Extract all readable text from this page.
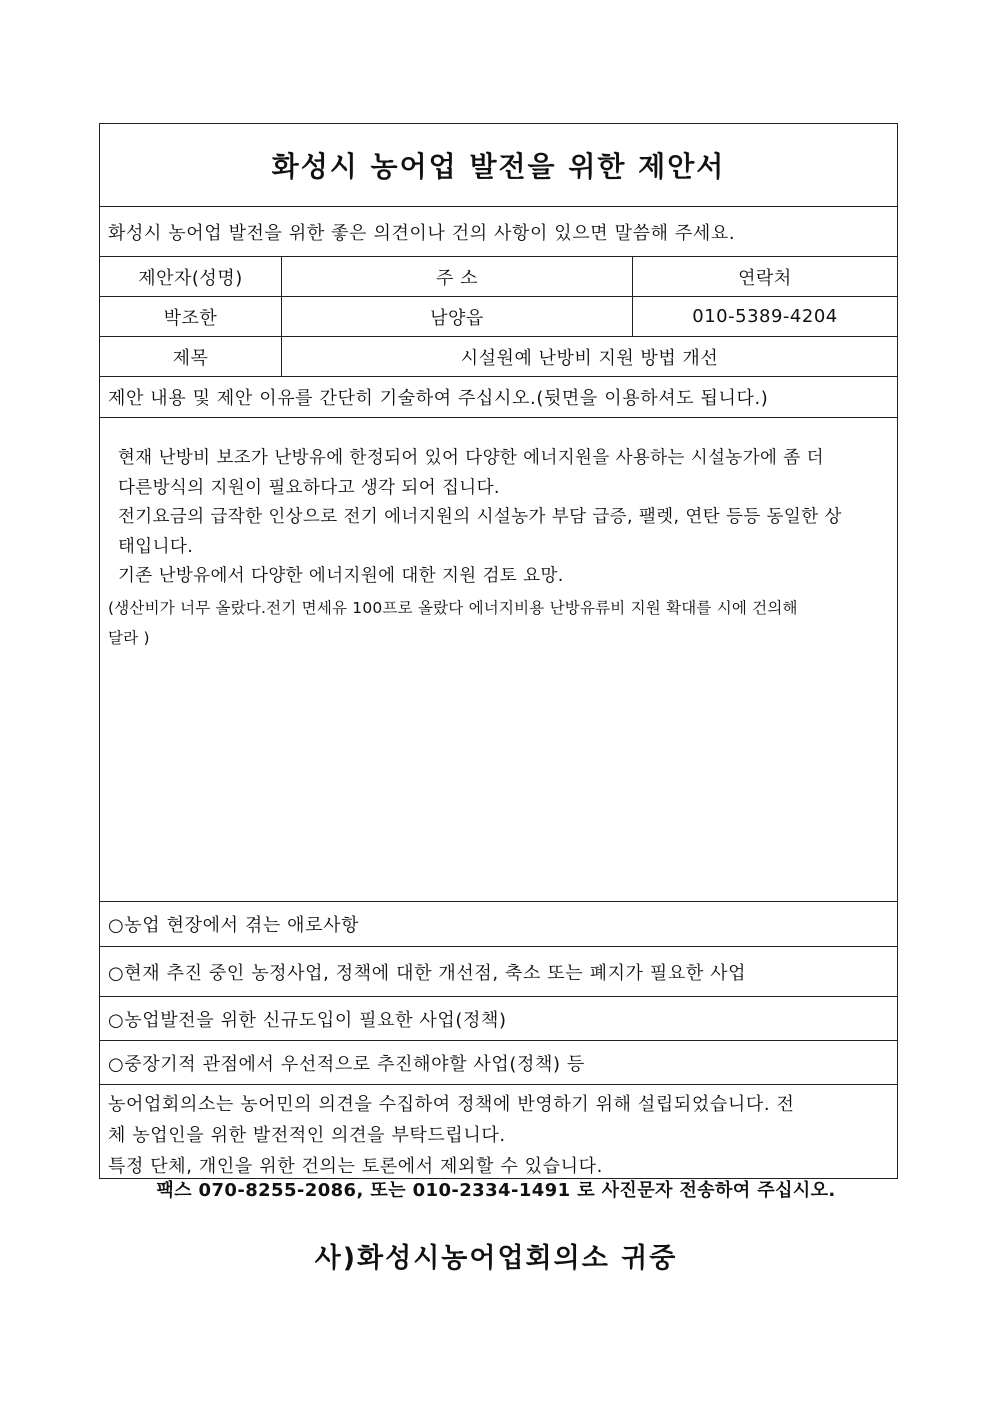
화성시 농어업 발전을 위한 제안서
화성시 농어업 발전을 위한 좋은 의견이나 건의 사항이 있으면 말씀해 주세요.
제안자(성명)	주 소	연락처
박조한	남양읍	010-5389-4204
제목	시설원예 난방비 지원 방법 개선
제안 내용 및 제안 이유를 간단히 기술하여 주십시오.(뒷면을 이용하셔도 됩니다.)

현재 난방비 보조가 난방유에 한정되어 있어 다양한 에너지원을 사용하는 시설농가에 좀 더

다른방식의 지원이 필요하다고 생각 되어 집니다.

전기요금의 급작한 인상으로 전기 에너지원의 시설농가 부담 급증, 팰렛, 연탄 등등 동일한 상

태입니다.

기존 난방유에서 다양한 에너지원에 대한 지원 검토 요망.

(생산비가 너무 올랐다.전기 면세유 100프로 올랐다 에너지비용 난방유류비 지원 확대를 시에 건의해

달라 )

○농업 현장에서 겪는 애로사항
○현재 추진 중인 농정사업, 정책에 대한 개선점, 축소 또는 폐지가 필요한 사업
○농업발전을 위한 신규도입이 필요한 사업(정책)
○중장기적 관점에서 우선적으로 추진해야할 사업(정책) 등

농어업회의소는 농어민의 의견을 수집하여 정책에 반영하기 위해 설립되었습니다. 전

체 농업인을 위한 발전적인 의견을 부탁드립니다.

특정 단체, 개인을 위한 건의는 토론에서 제외할 수 있습니다.

팩스 070-8255-2086, 또는 010-2334-1491 로 사진문자 전송하여 주십시오.
사)화성시농어업회의소 귀중
